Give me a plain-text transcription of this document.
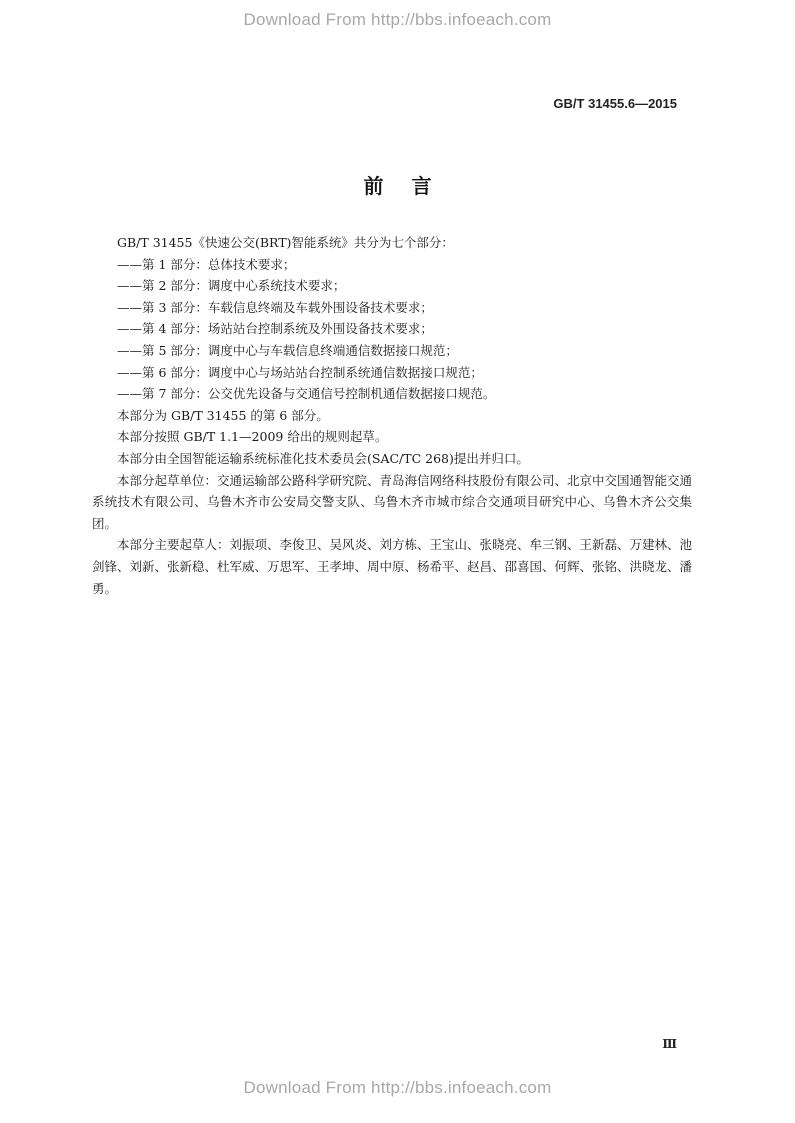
Download From http://bbs.infoeach.com
GB/T 31455.6—2015
前言
GB/T 31455《快速公交(BRT)智能系统》共分为七个部分：
——第 1 部分：总体技术要求；
——第 2 部分：调度中心系统技术要求；
——第 3 部分：车载信息终端及车载外围设备技术要求；
——第 4 部分：场站站台控制系统及外围设备技术要求；
——第 5 部分：调度中心与车载信息终端通信数据接口规范；
——第 6 部分：调度中心与场站站台控制系统通信数据接口规范；
——第 7 部分：公交优先设备与交通信号控制机通信数据接口规范。
本部分为 GB/T 31455 的第 6 部分。
本部分按照 GB/T 1.1—2009 给出的规则起草。
本部分由全国智能运输系统标准化技术委员会(SAC/TC 268)提出并归口。

本部分起草单位：交通运输部公路科学研究院、青岛海信网络科技股份有限公司、北京中交国通智能交通系统技术有限公司、乌鲁木齐市公安局交警支队、乌鲁木齐市城市综合交通项目研究中心、乌鲁木齐公交集团。

本部分主要起草人：刘振项、李俊卫、吴风炎、刘方栋、王宝山、张晓亮、牟三钢、王新磊、万建林、池剑锋、刘新、张新稳、杜军威、万思军、王孝坤、周中原、杨希平、赵昌、邵喜国、何辉、张铭、洪晓龙、潘勇。

Ⅲ
Download From http://bbs.infoeach.com
